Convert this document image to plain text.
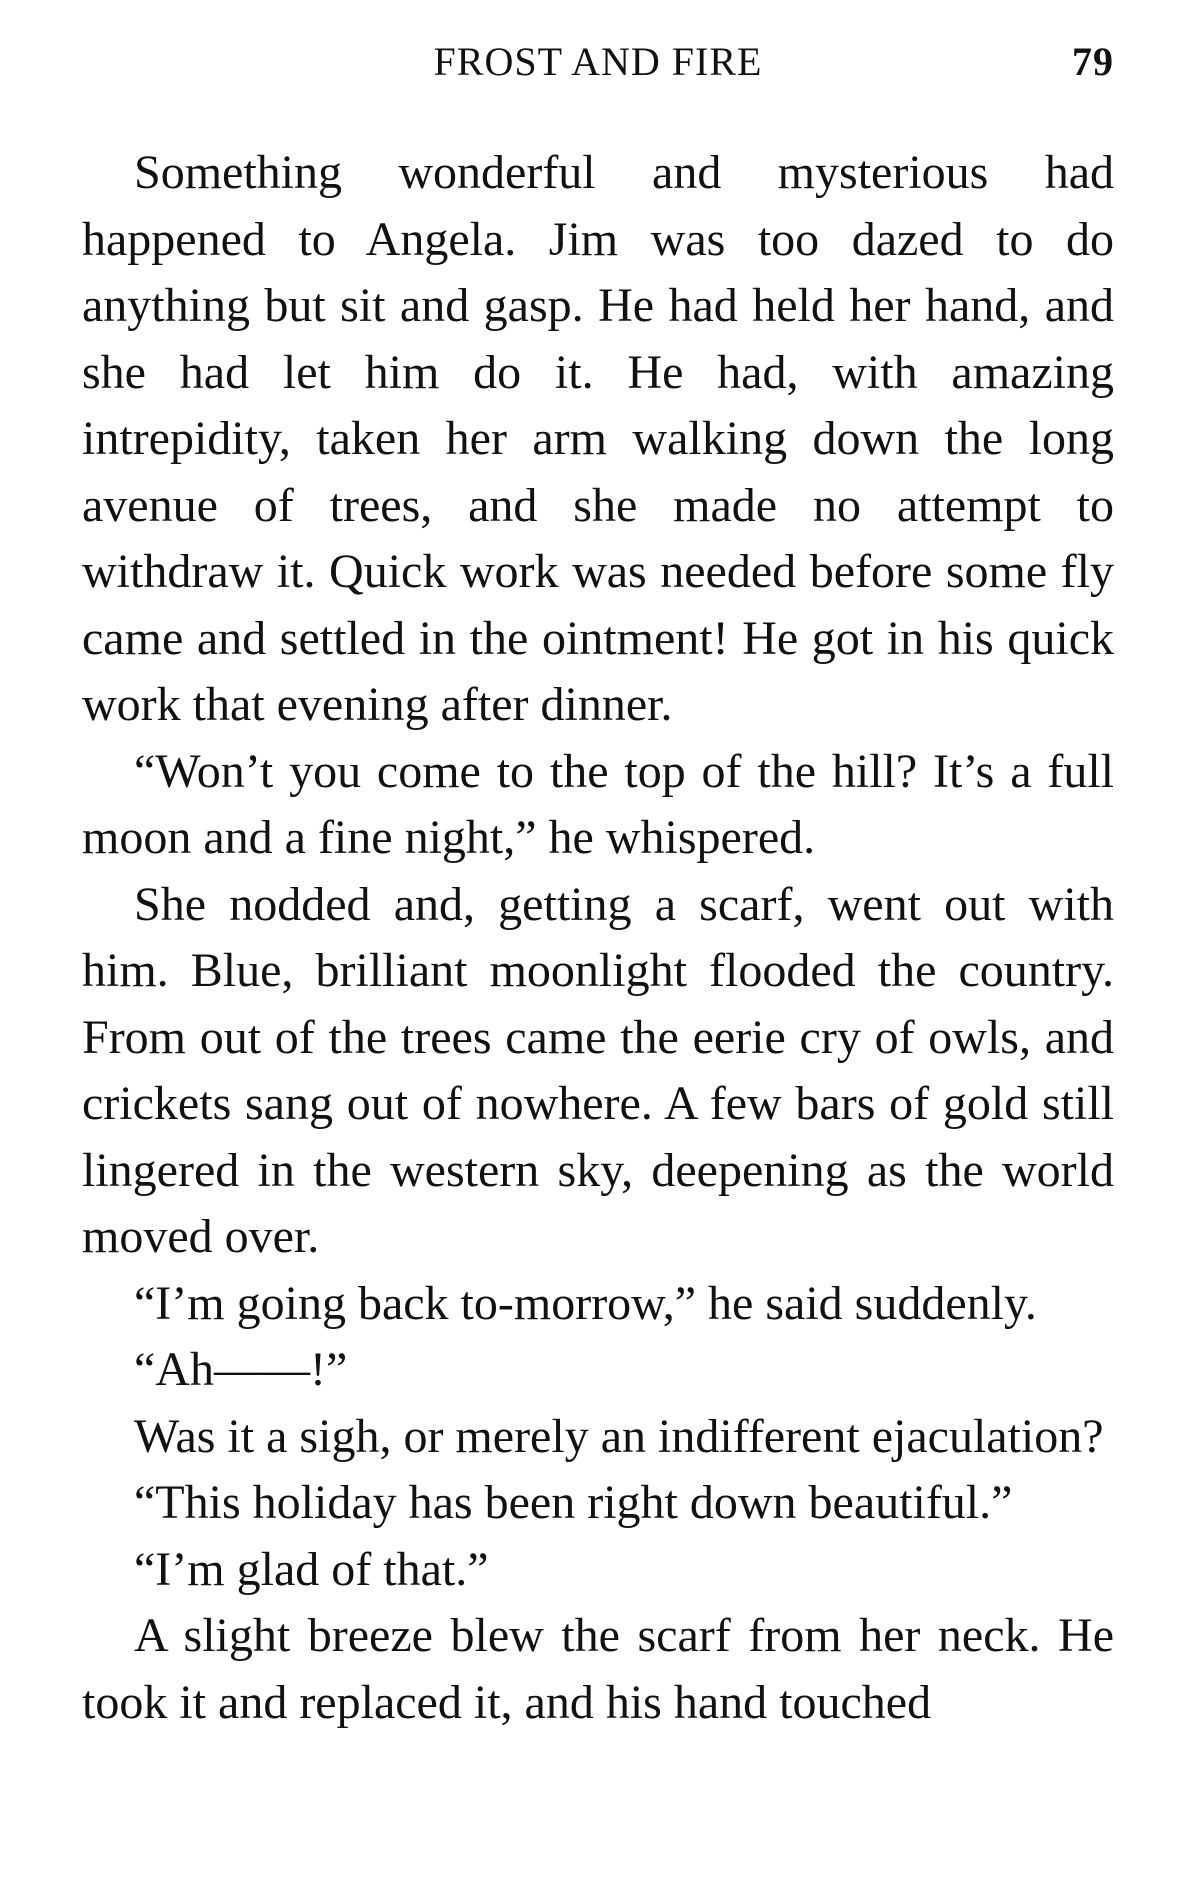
FROST AND FIRE	79

Something wonderful and mysterious had happened to Angela. Jim was too dazed to do anything but sit and gasp. He had held her hand, and she had let him do it. He had, with amazing intrepidity, taken her arm walking down the long avenue of trees, and she made no attempt to withdraw it. Quick work was needed before some fly came and settled in the ointment! He got in his quick work that evening after dinner.

“Won’t you come to the top of the hill? It’s a full moon and a fine night,” he whispered.

She nodded and, getting a scarf, went out with him. Blue, brilliant moonlight flooded the country. From out of the trees came the eerie cry of owls, and crickets sang out of nowhere. A few bars of gold still lingered in the western sky, deepening as the world moved over.

“I’m going back to-morrow,” he said suddenly.

“Ah——!”

Was it a sigh, or merely an indifferent ejaculation?

“This holiday has been right down beautiful.”

“I’m glad of that.”

A slight breeze blew the scarf from her neck. He took it and replaced it, and his hand touched
